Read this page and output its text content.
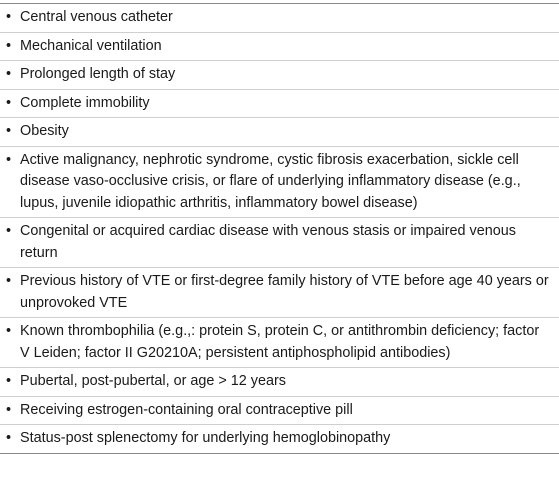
• Central venous catheter
• Mechanical ventilation
• Prolonged length of stay
• Complete immobility
• Obesity
• Active malignancy, nephrotic syndrome, cystic fibrosis exacerbation, sickle cell disease vaso-occlusive crisis, or flare of underlying inflammatory disease (e.g., lupus, juvenile idiopathic arthritis, inflammatory bowel disease)
• Congenital or acquired cardiac disease with venous stasis or impaired venous return
• Previous history of VTE or first-degree family history of VTE before age 40 years or unprovoked VTE
• Known thrombophilia (e.g.,: protein S, protein C, or antithrombin deficiency; factor V Leiden; factor II G20210A; persistent antiphospholipid antibodies)
• Pubertal, post-pubertal, or age > 12 years
• Receiving estrogen-containing oral contraceptive pill
• Status-post splenectomy for underlying hemoglobinopathy
